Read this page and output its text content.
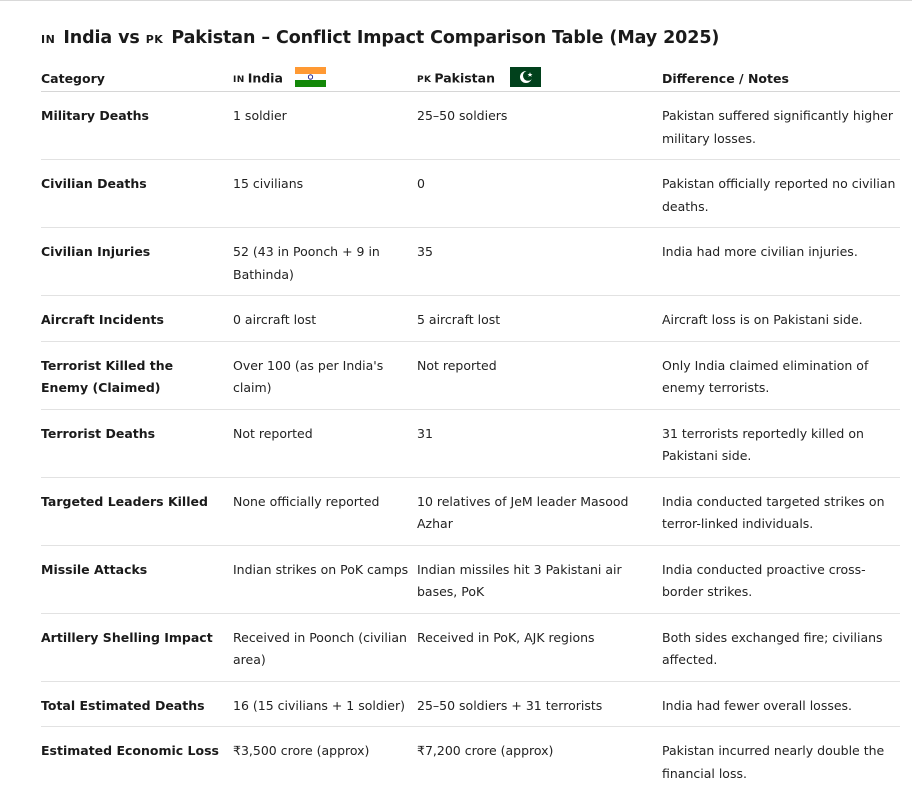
IN India vs PK Pakistan – Conflict Impact Comparison Table (May 2025)
Category	IN India	PK Pakistan	Difference / Notes
Military Deaths	1 soldier	25–50 soldiers	Pakistan suffered significantly higher military losses.
Civilian Deaths	15 civilians	0	Pakistan officially reported no civilian deaths.
Civilian Injuries	52 (43 in Poonch + 9 in Bathinda)	35	India had more civilian injuries.
Aircraft Incidents	0 aircraft lost	5 aircraft lost	Aircraft loss is on Pakistani side.
Terrorist Killed the Enemy (Claimed)	Over 100 (as per India's claim)	Not reported	Only India claimed elimination of enemy terrorists.
Terrorist Deaths	Not reported	31	31 terrorists reportedly killed on Pakistani side.
Targeted Leaders Killed	None officially reported	10 relatives of JeM leader Masood Azhar	India conducted targeted strikes on terror-linked individuals.
Missile Attacks	Indian strikes on PoK camps	Indian missiles hit 3 Pakistani air bases, PoK	India conducted proactive cross-border strikes.
Artillery Shelling Impact	Received in Poonch (civilian area)	Received in PoK, AJK regions	Both sides exchanged fire; civilians affected.
Total Estimated Deaths	16 (15 civilians + 1 soldier)	25–50 soldiers + 31 terrorists	India had fewer overall losses.
Estimated Economic Loss	₹3,500 crore (approx)	₹7,200 crore (approx)	Pakistan incurred nearly double the financial loss.
